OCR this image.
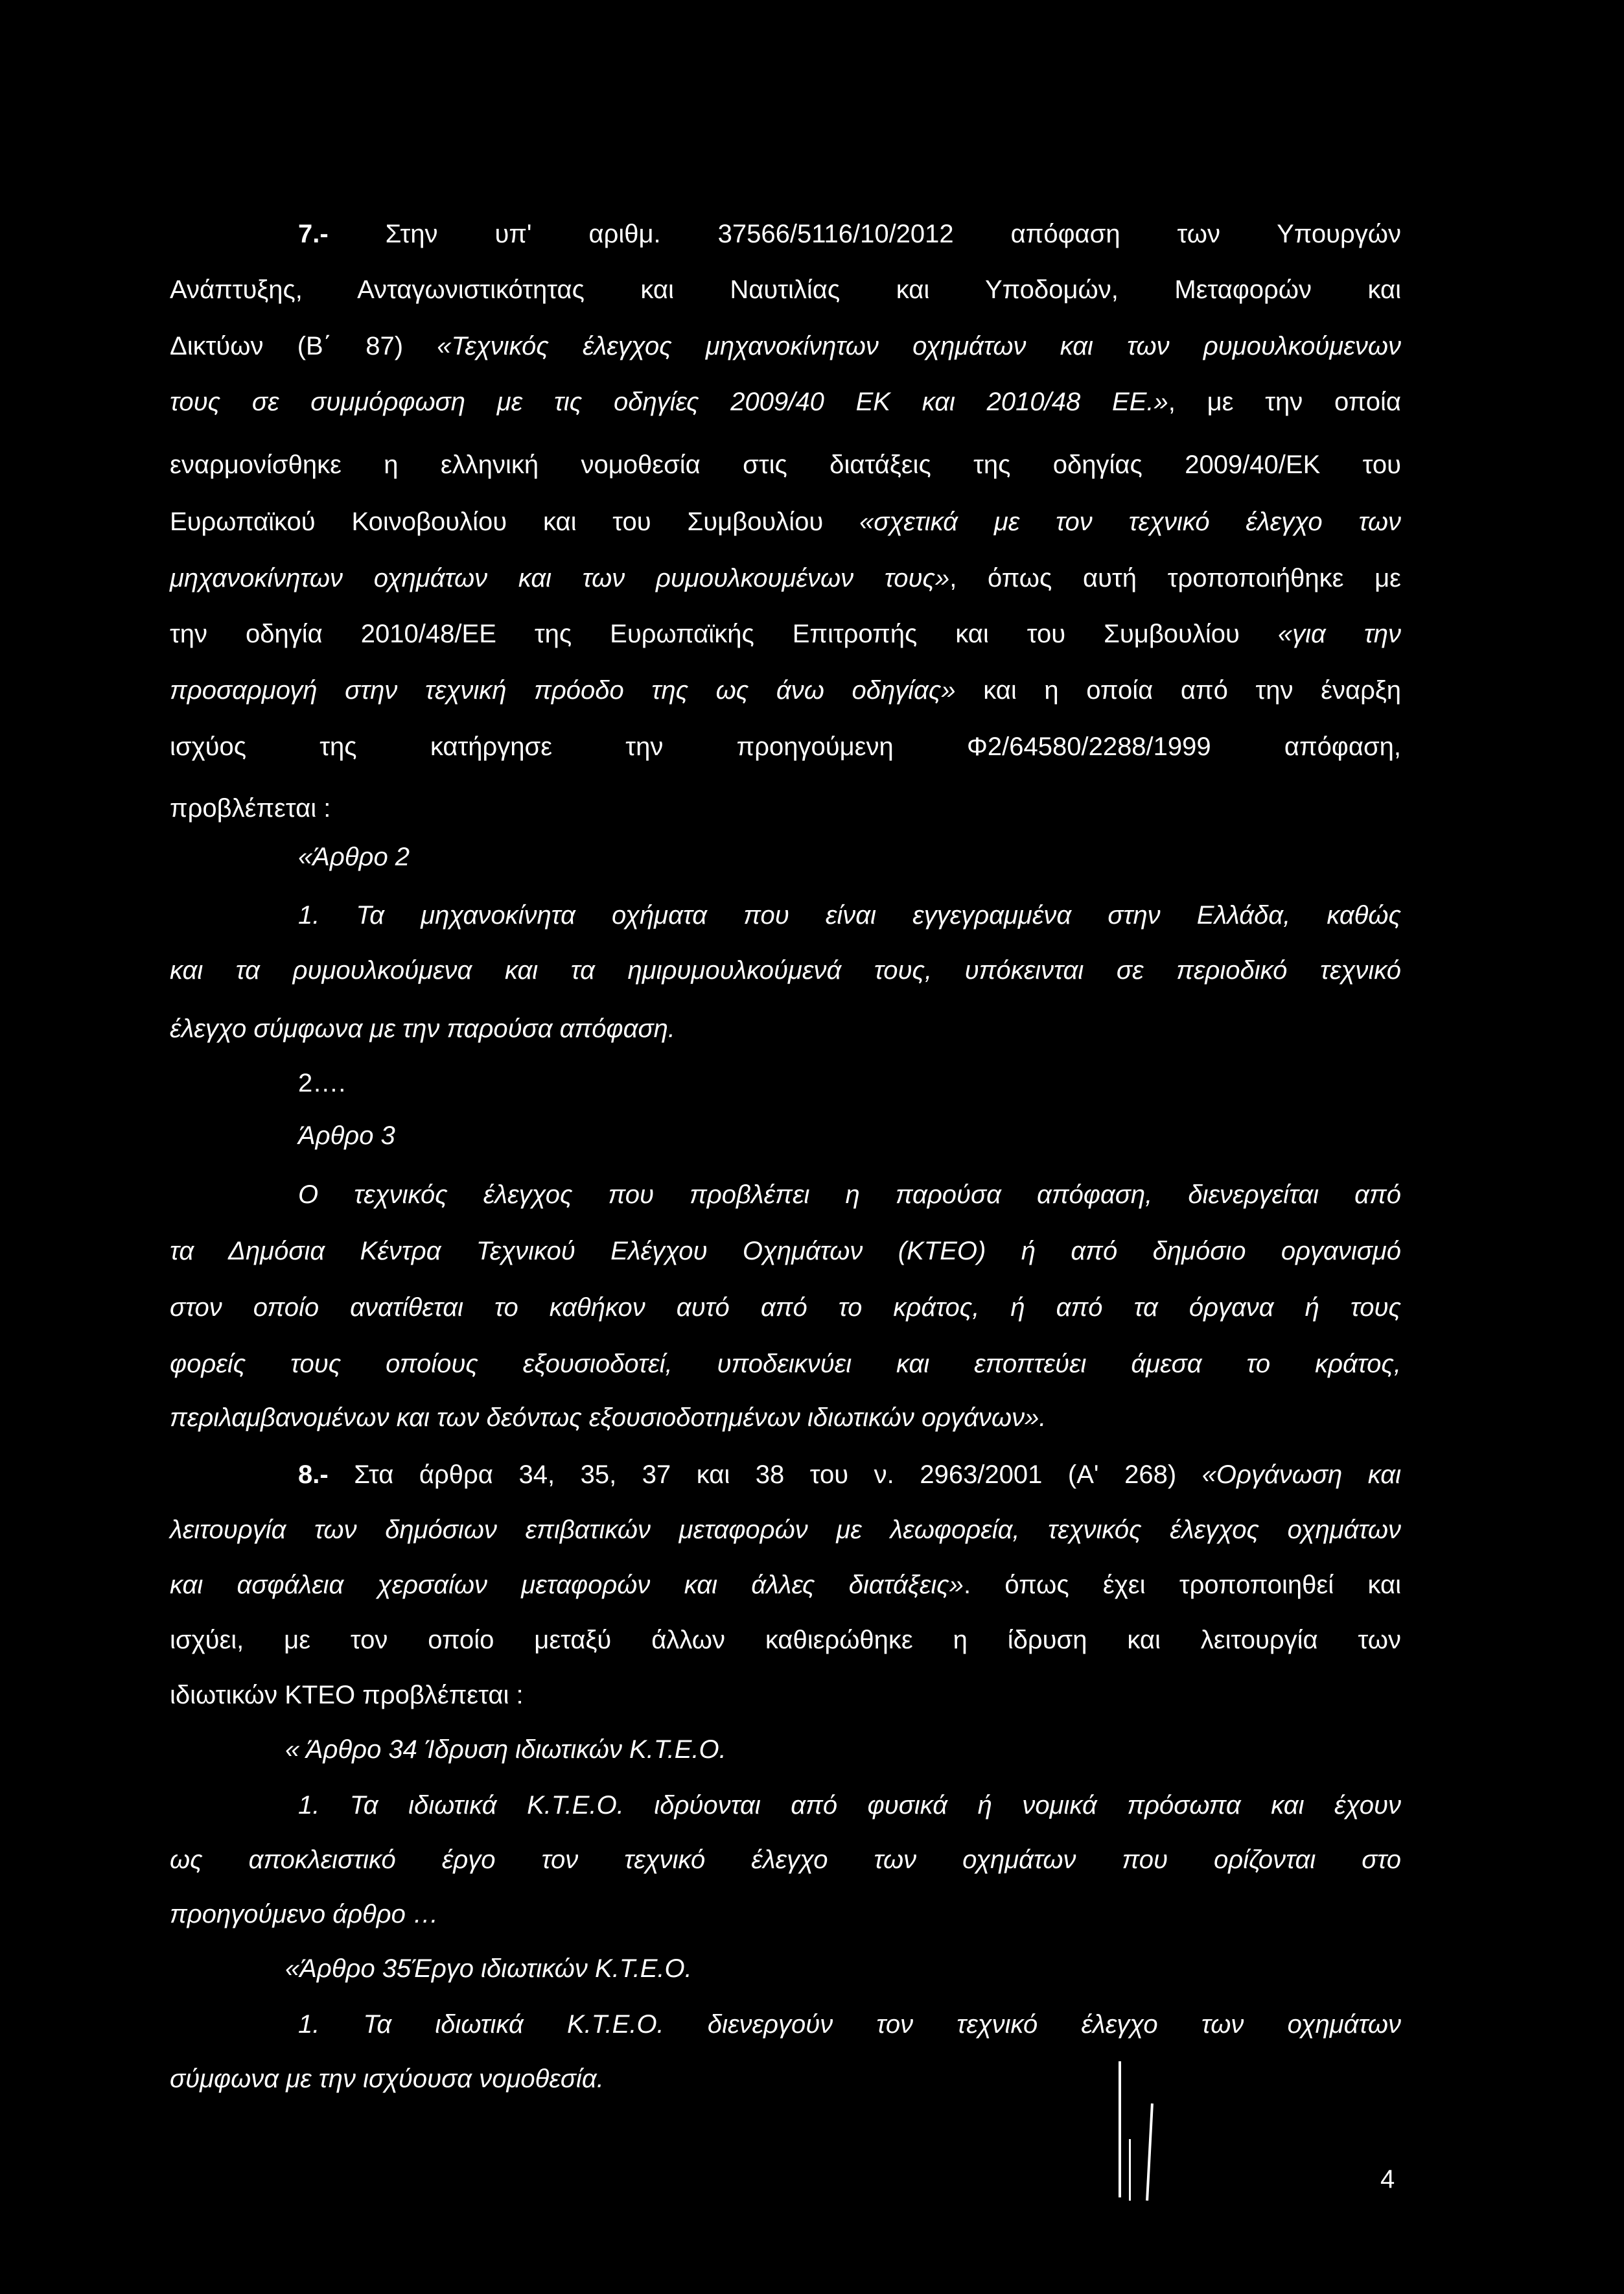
7.- Στην υπ' αριθμ. 37566/5116/10/2012 απόφαση των Υπουργών
Ανάπτυξης, Ανταγωνιστικότητας και Ναυτιλίας και Υποδομών, Μεταφορών και
Δικτύων (Β΄ 87) «Τεχνικός έλεγχος μηχανοκίνητων οχημάτων και των ρυμουλκούμενων
τους σε συμμόρφωση με τις οδηγίες 2009/40 ΕΚ και 2010/48 ΕΕ.», με την οποία
εναρμονίσθηκε η ελληνική νομοθεσία στις διατάξεις της οδηγίας 2009/40/ΕΚ του
Ευρωπαϊκού Κοινοβουλίου και του Συμβουλίου «σχετικά με τον τεχνικό έλεγχο των
μηχανοκίνητων οχημάτων και των ρυμουλκουμένων τους», όπως αυτή τροποποιήθηκε με
την οδηγία 2010/48/ΕΕ της Ευρωπαϊκής Επιτροπής και του Συμβουλίου «για την
προσαρμογή στην τεχνική πρόοδο της ως άνω οδηγίας» και η οποία από την έναρξη
ισχύος της κατήργησε την προηγούμενη Φ2/64580/2288/1999 απόφαση,
προβλέπεται :
«Άρθρο 2
1. Τα μηχανοκίνητα οχήματα που είναι εγγεγραμμένα στην Ελλάδα, καθώς
και τα ρυμουλκούμενα και τα ημιρυμουλκούμενά τους, υπόκεινται σε περιοδικό τεχνικό
έλεγχο σύμφωνα με την παρούσα απόφαση.
2….
Άρθρο 3
Ο τεχνικός έλεγχος που προβλέπει η παρούσα απόφαση, διενεργείται από
τα Δημόσια Κέντρα Τεχνικού Ελέγχου Οχημάτων (ΚΤΕΟ) ή από δημόσιο οργανισμό
στον οποίο ανατίθεται το καθήκον αυτό από το κράτος, ή από τα όργανα ή τους
φορείς τους οποίους εξουσιοδοτεί, υποδεικνύει και εποπτεύει άμεσα το κράτος,
περιλαμβανομένων και των δεόντως εξουσιοδοτημένων ιδιωτικών οργάνων».
8.- Στα άρθρα 34, 35, 37 και 38 του ν. 2963/2001 (Α' 268) «Οργάνωση και
λειτουργία των δημόσιων επιβατικών μεταφορών με λεωφορεία, τεχνικός έλεγχος οχημάτων
και ασφάλεια χερσαίων μεταφορών και άλλες διατάξεις». όπως έχει τροποποιηθεί και
ισχύει, με τον οποίο μεταξύ άλλων καθιερώθηκε η ίδρυση και λειτουργία των
ιδιωτικών ΚΤΕΟ προβλέπεται :
« Άρθρο 34 Ίδρυση ιδιωτικών Κ.Τ.Ε.Ο.
1. Τα ιδιωτικά Κ.Τ.Ε.Ο. ιδρύονται από φυσικά ή νομικά πρόσωπα και έχουν
ως αποκλειστικό έργο τον τεχνικό έλεγχο των οχημάτων που ορίζονται στο
προηγούμενο άρθρο …
«Άρθρο 35Έργο ιδιωτικών Κ.Τ.Ε.Ο.
1. Τα ιδιωτικά Κ.Τ.Ε.Ο. διενεργούν τον τεχνικό έλεγχο των οχημάτων
σύμφωνα με την ισχύουσα νομοθεσία.
4
